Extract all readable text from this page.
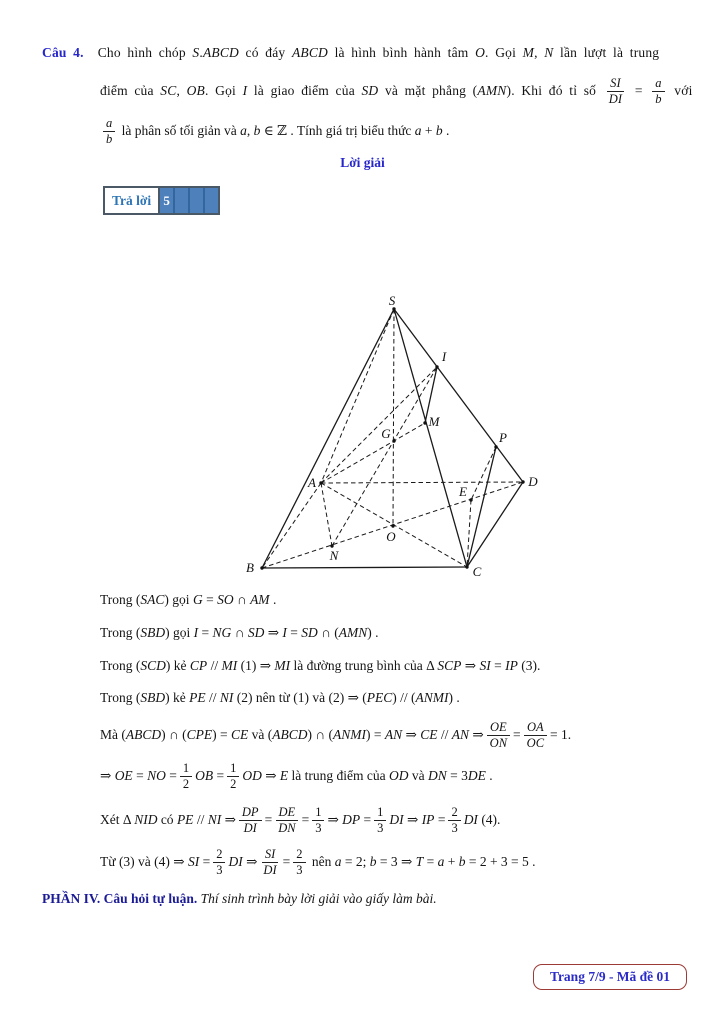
Câu 4. Cho hình chóp S.ABCD có đáy ABCD là hình bình hành tâm O . Gọi M , N lần lượt là trung
điểm của SC , OB . Gọi I là giao điểm của SD và mặt phẳng (AMN) . Khi đó tỉ số $\frac{SI}{DI} = \frac{a}{b}$ với
a
b
là phân số tối giản và a, b ∈ ℤ . Tính giá trị biểu thức a + b .
Lời giải
Trong (SAC) gọi G = SO ∩ AM .
Trong (SBD) gọi I = NG ∩ SD
⇒ I = SD ∩ (AMN) .
Trong (SCD) kẻ CP // MI (1) ⇒ MI là đường trung bình của Δ SCP ⇒ SI = IP (3).
Trong (SBD) kẻ PE // NI (2) nên từ (1) và (2) ⇒ (PEC) // (ANMI) .
Mà (ABCD) ∩ (CPE) = CE và (ABCD) ∩ (ANMI) = AN
⇒ CE // AN ⇒ $\frac{OE}{ON} = \frac{OA}{OC} = 1$ .
⇒ OE = NO = $\frac{1}{2}$ OB = $\frac{1}{2}$ OD ⇒ E là trung điểm của OD và DN = 3DE .
Xét Δ NID có PE // NI ⇒ $\frac{DP}{DI} = \frac{DE}{DN} = \frac{1}{3}$ ⇒ DP = $\frac{1}{3}$ DI ⇒ IP = $\frac{2}{3}$ DI (4).
Từ (3) và (4) ⇒ SI = $\frac{2}{3}$ DI ⇒ $\frac{SI}{DI} = \frac{2}{3}$ nên a = 2; b = 3 ⇒ T = a + b = 2 + 3 = 5 .
PHẦN IV. Câu hỏi tự luận. Thí sinh trình bày lời giải vào giấy làm bài.
Trả lời 5
S
I
M
G	P
A	D
E
O
N
B	C
Trang 7/9 - Mã đề 01
